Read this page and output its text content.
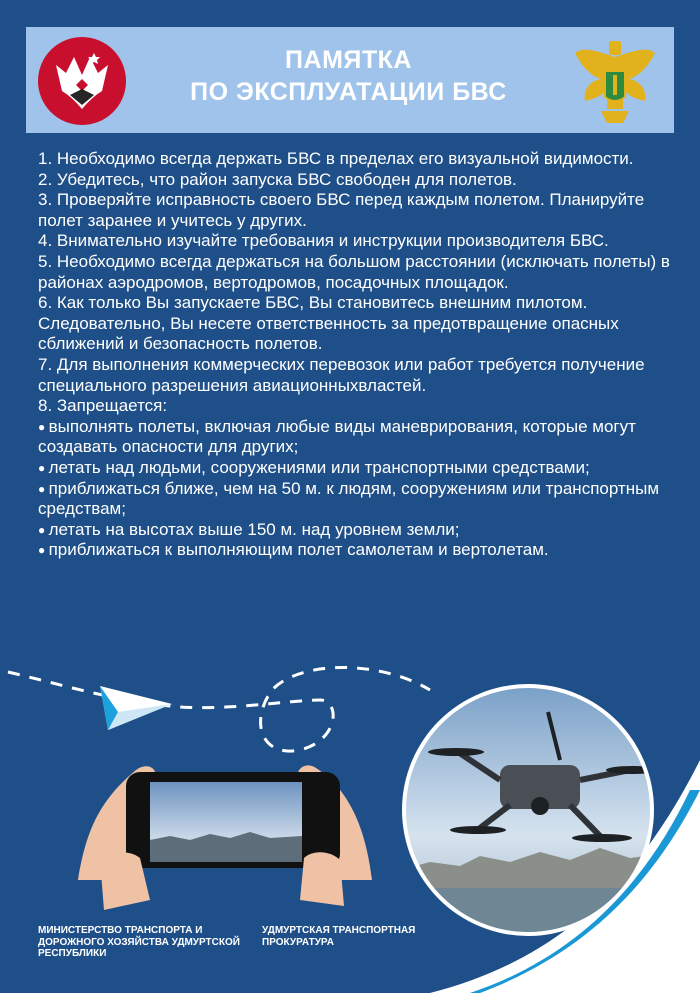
ПАМЯТКА
ПО ЭКСПЛУАТАЦИИ БВС

1. Необходимо всегда держать БВС в пределах его визуальной видимости.

2. Убедитесь, что район запуска БВС свободен для полетов.

3. Проверяйте исправность своего БВС перед каждым полетом. Планируйте полет заранее и учитесь у других.

4. Внимательно изучайте требования и инструкции производителя БВС.

5. Необходимо всегда держаться на большом расстоянии (исключать полеты) в районах аэродромов, вертодромов, посадочных площадок.

6. Как только Вы запускаете БВС, Вы становитесь внешним пилотом. Следовательно, Вы несете ответственность за предотвращение опасных сближений и безопасность полетов.

7. Для выполнения коммерческих перевозок или работ требуется получение специального разрешения авиационныхвластей.

8. Запрещается:

● выполнять полеты, включая любые виды маневрирования, которые могут создавать опасности для других;

● летать над людьми, сооружениями или транспортными средствами;

● приближаться ближе, чем на 50 м. к людям, сооружениям или транспортным средствам;

● летать на высотах выше 150 м. над уровнем земли;

● приближаться к выполняющим полет самолетам и вертолетам.

МИНИСТЕРСТВО ТРАНСПОРТА И ДОРОЖНОГО ХОЗЯЙСТВА УДМУРТСКОЙ РЕСПУБЛИКИ
УДМУРТСКАЯ ТРАНСПОРТНАЯ ПРОКУРАТУРА
